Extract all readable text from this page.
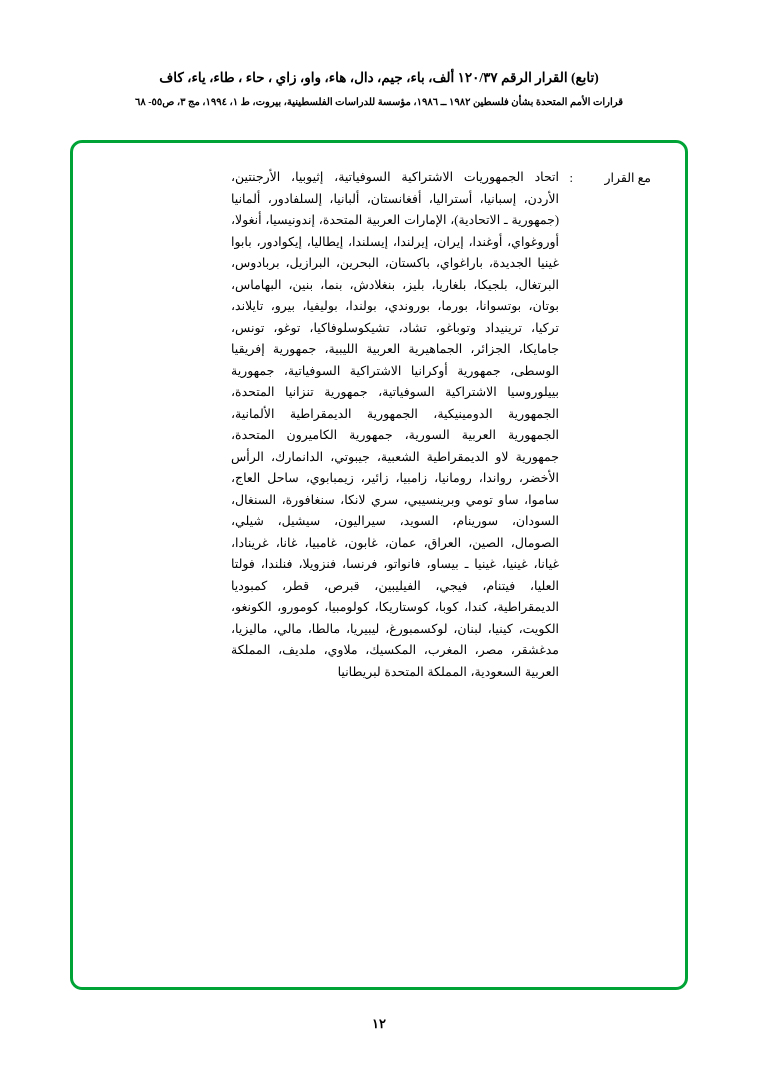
(تابع) القرار الرقم ١٢٠/٣٧ ألف، باء، جيم، دال، هاء، واو، زاي ، حاء ، طاء، ياء، كاف
قرارات الأمم المتحدة بشأن فلسطين ١٩٨٢ ــ ١٩٨٦، مؤسسة للدراسات الفلسطينية، بيروت، ط ١، ١٩٩٤، مج ٣، ص٥٥- ٦٨
مع القرار
:
اتحاد الجمهوريات الاشتراكية السوفياتية، إثيوبيا، الأرجنتين، الأردن، إسبانيا، أستراليا، أفغانستان، ألبانيا، إلسلفادور، ألمانيا (جمهورية ـ الاتحادية)، الإمارات العربية المتحدة، إندونيسيا، أنغولا، أوروغواي، أوغندا، إيران، إيرلندا، إيسلندا، إيطاليا، إيكوادور، بابوا غينيا الجديدة، باراغواي، باكستان، البحرين، البرازيل، بربادوس، البرتغال، بلجيكا، بلغاريا، بليز، بنغلادش، بنما، بنين، البهاماس، بوتان، بوتسوانا، بورما، بوروندي، بولندا، بوليفيا، بيرو، تايلاند، تركيا، ترينيداد وتوباغو، تشاد، تشيكوسلوفاكيا، توغو، تونس، جامايكا، الجزائر، الجماهيرية العربية الليبية، جمهورية إفريقيا الوسطى، جمهورية أوكرانيا الاشتراكية السوفياتية، جمهورية بييلوروسيا الاشتراكية السوفياتية، جمهورية تنزانيا المتحدة، الجمهورية الدومينيكية، الجمهورية الديمقراطية الألمانية، الجمهورية العربية السورية، جمهورية الكاميرون المتحدة، جمهورية لاو الديمقراطية الشعبية، جيبوتي، الدانمارك، الرأس الأخضر، رواندا، رومانيا، زامبيا، زائير، زيمبابوي، ساحل العاج، ساموا، ساو تومي وبرينسيبي، سري لانكا، سنغافورة، السنغال، السودان، سورينام، السويد، سيراليون، سيشيل، شيلي، الصومال، الصين، العراق، عمان، غابون، غامبيا، غانا، غرينادا، غيانا، غينيا، غينيا ـ بيساو، فانواتو، فرنسا، فنزويلا، فنلندا، فولتا العليا، فيتنام، فيجي، الفيليبين، قبرص، قطر، كمبوديا الديمقراطية، كندا، كوبا، كوستاريكا، كولومبيا، كومورو، الكونغو، الكويت، كينيا، لبنان، لوكسمبورغ، ليبيريا، مالطا، مالي، ماليزيا، مدغشقر، مصر، المغرب، المكسيك، ملاوي، ملديف، المملكة العربية السعودية، المملكة المتحدة لبريطانيا
١٢
